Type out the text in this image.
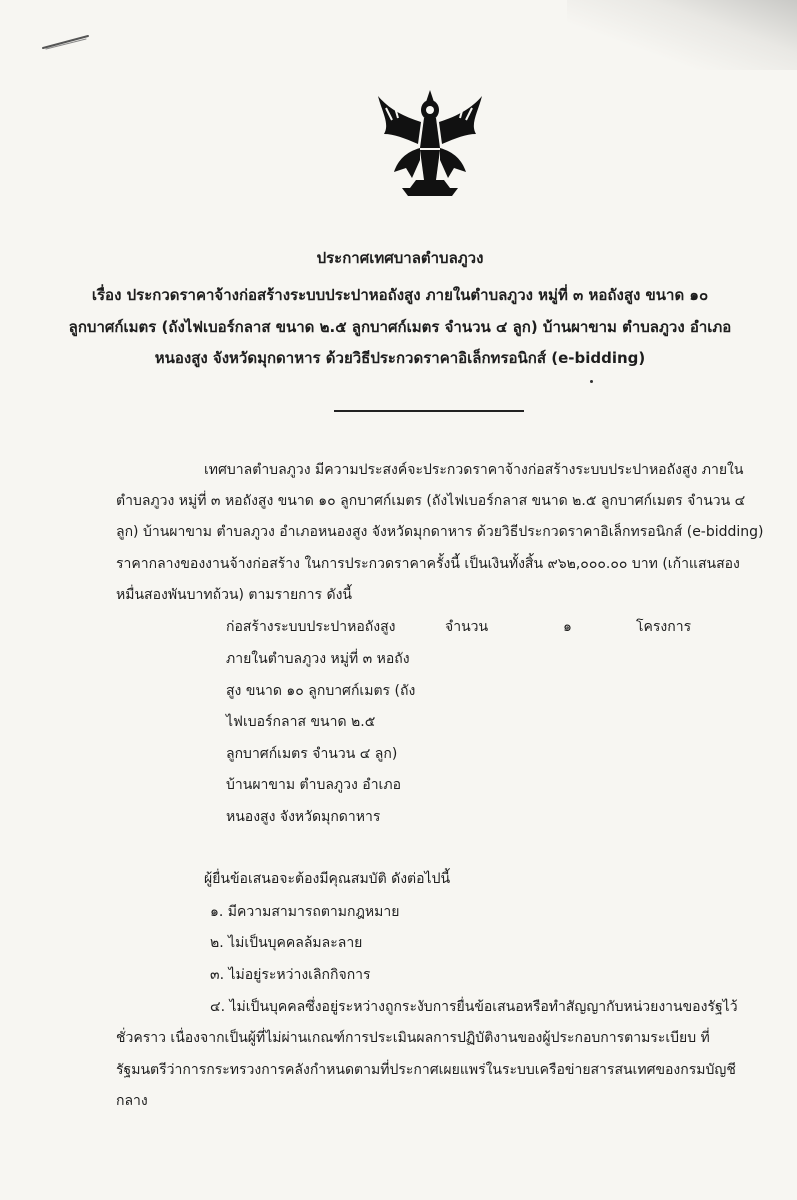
ประกาศเทศบาลตำบลภูวง
เรื่อง ประกวดราคาจ้างก่อสร้างระบบประปาหอถังสูง ภายในตำบลภูวง หมู่ที่ ๓ หอถังสูง ขนาด ๑๐
ลูกบาศก์เมตร (ถังไฟเบอร์กลาส ขนาด ๒.๕ ลูกบาศก์เมตร จำนวน ๔ ลูก) บ้านผาขาม ตำบลภูวง อำเภอ
หนองสูง จังหวัดมุกดาหาร ด้วยวิธีประกวดราคาอิเล็กทรอนิกส์ (e-bidding)
เทศบาลตำบลภูวง มีความประสงค์จะประกวดราคาจ้างก่อสร้างระบบประปาหอถังสูง ภายใน
ตำบลภูวง หมู่ที่ ๓ หอถังสูง ขนาด ๑๐ ลูกบาศก์เมตร (ถังไฟเบอร์กลาส ขนาด ๒.๕ ลูกบาศก์เมตร จำนวน ๔
ลูก) บ้านผาขาม ตำบลภูวง อำเภอหนองสูง จังหวัดมุกดาหาร ด้วยวิธีประกวดราคาอิเล็กทรอนิกส์ (e-bidding)
ราคากลางของงานจ้างก่อสร้าง ในการประกวดราคาครั้งนี้ เป็นเงินทั้งสิ้น ๙๖๒,๐๐๐.๐๐ บาท (เก้าแสนสอง
หมื่นสองพันบาทถ้วน) ตามรายการ ดังนี้
ก่อสร้างระบบประปาหอถังสูง
ภายในตำบลภูวง หมู่ที่ ๓ หอถัง
สูง ขนาด ๑๐ ลูกบาศก์เมตร (ถัง
ไฟเบอร์กลาส ขนาด ๒.๕
ลูกบาศก์เมตร จำนวน ๔ ลูก)
บ้านผาขาม ตำบลภูวง อำเภอ
หนองสูง จังหวัดมุกดาหาร
จำนวน	๑	โครงการ
ผู้ยื่นข้อเสนอจะต้องมีคุณสมบัติ ดังต่อไปนี้
๑. มีความสามารถตามกฎหมาย
๒. ไม่เป็นบุคคลล้มละลาย
๓. ไม่อยู่ระหว่างเลิกกิจการ
๔. ไม่เป็นบุคคลซึ่งอยู่ระหว่างถูกระงับการยื่นข้อเสนอหรือทำสัญญากับหน่วยงานของรัฐไว้
ชั่วคราว เนื่องจากเป็นผู้ที่ไม่ผ่านเกณฑ์การประเมินผลการปฏิบัติงานของผู้ประกอบการตามระเบียบ ที่
รัฐมนตรีว่าการกระทรวงการคลังกำหนดตามที่ประกาศเผยแพร่ในระบบเครือข่ายสารสนเทศของกรมบัญชี
กลาง
